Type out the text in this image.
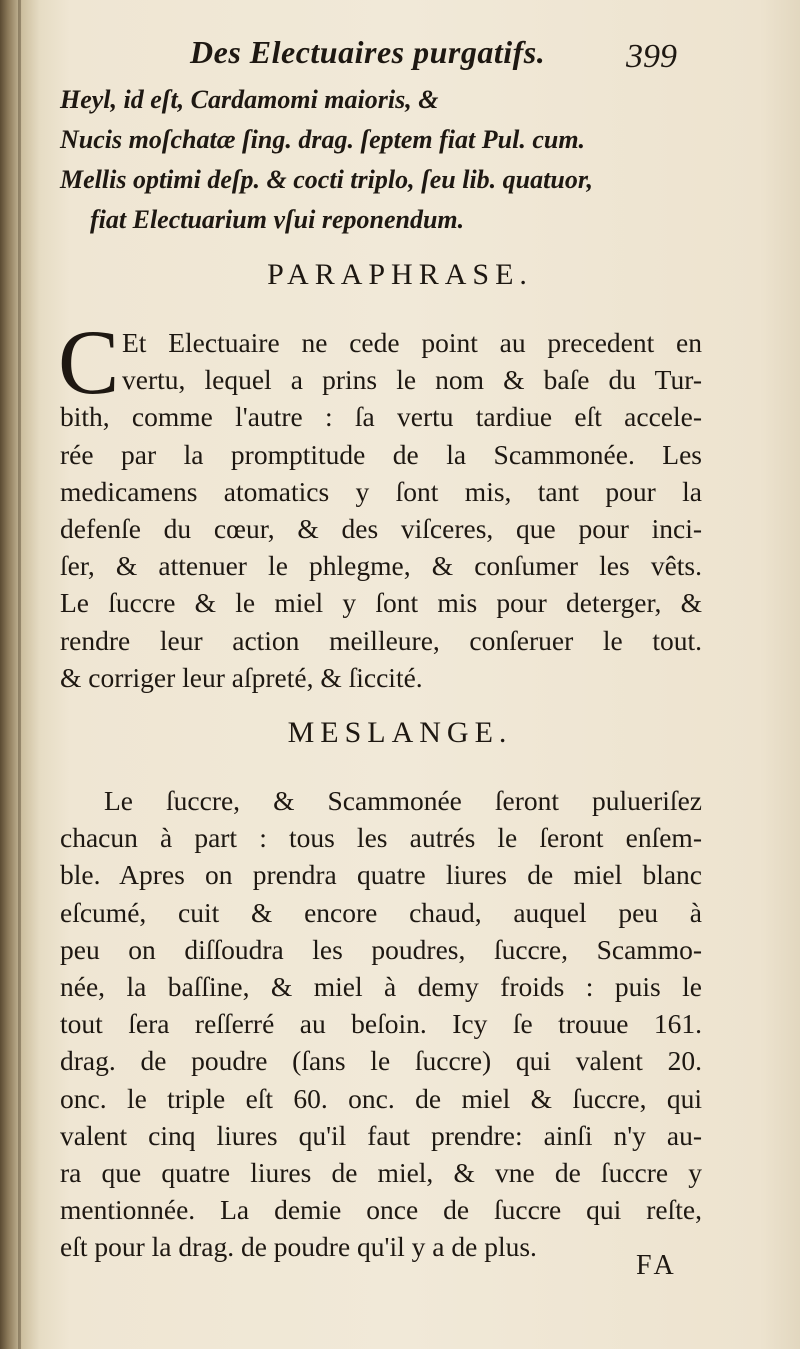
Des Electuaires purgatifs. 399
Heyl, id eſt, Cardamomi maioris, &
Nucis moſchatæ ſing. drag. ſeptem fiat Pul. cum.
Mellis optimi deſp. & cocti triplo, ſeu lib. quatuor,
fiat Electuarium vſui reponendum.
PARAPHRASE.
C Et Electuaire ne cede point au precedent en
vertu, lequel a prins le nom & baſe du Tur-
bith, comme l'autre : ſa vertu tardiue eſt accele-
rée par la promptitude de la Scammonée. Les
medicamens atomatics y ſont mis, tant pour la
defenſe du cœur, & des viſceres, que pour inci-
ſer, & attenuer le phlegme, & conſumer les vêts.
Le ſuccre & le miel y ſont mis pour deterger, &
rendre leur action meilleure, conſeruer le tout.
& corriger leur aſpreté, & ſiccité.
MESLANGE.
Le ſuccre, & Scammonée ſeront pulueriſez
chacun à part : tous les autrés le ſeront enſem-
ble. Apres on prendra quatre liures de miel blanc
eſcumé, cuit & encore chaud, auquel peu à
peu on diſſoudra les poudres, ſuccre, Scammo-
née, la baſſine, & miel à demy froids : puis le
tout ſera reſſerré au beſoin. Icy ſe trouue 161.
drag. de poudre (ſans le ſuccre) qui valent 20.
onc. le triple eſt 60. onc. de miel & ſuccre, qui
valent cinq liures qu'il faut prendre: ainſi n'y au-
ra que quatre liures de miel, & vne de ſuccre y
mentionnée. La demie once de ſuccre qui reſte,
eſt pour la drag. de poudre qu'il y a de plus.
FA
